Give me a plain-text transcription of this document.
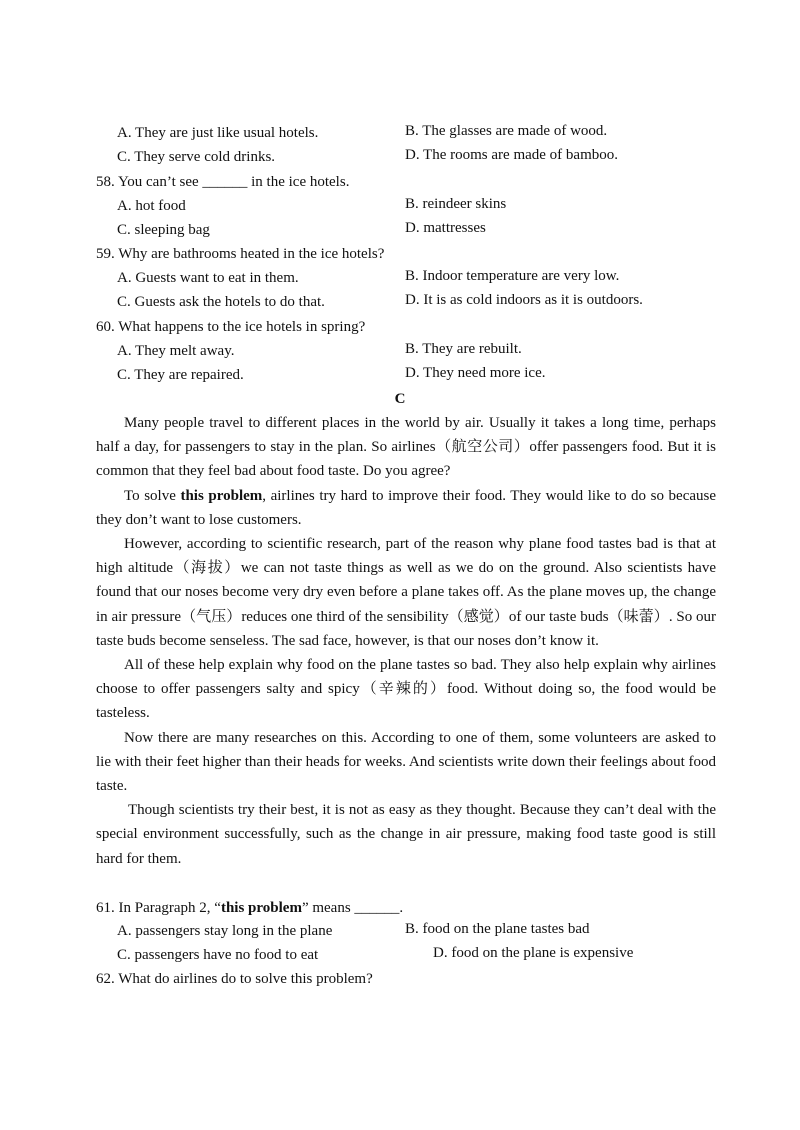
A. They are just like usual hotels.	B. The glasses are made of wood.
C. They serve cold drinks.	D. The rooms are made of bamboo.
58. You can’t see ______ in the ice hotels.
A. hot food	B. reindeer skins
C. sleeping bag	D. mattresses
59. Why are bathrooms heated in the ice hotels?
A. Guests want to eat in them.	B. Indoor temperature are very low.
C. Guests ask the hotels to do that.	D. It is as cold indoors as it is outdoors.
60. What happens to the ice hotels in spring?
A. They melt away.	B. They are rebuilt.
C. They are repaired.	D. They need more ice.
C

Many people travel to different places in the world by air. Usually it takes a long time, perhaps half a day, for passengers to stay in the plan. So airlines（航空公司）offer passengers food. But it is common that they feel bad about food taste. Do you agree?

To solve this problem, airlines try hard to improve their food. They would like to do so because they don’t want to lose customers.

However, according to scientific research, part of the reason why plane food tastes bad is that at high altitude（海拔）we can not taste things as well as we do on the ground. Also scientists have found that our noses become very dry even before a plane takes off. As the plane moves up, the change in air pressure（气压）reduces one third of the sensibility（感觉）of our taste buds（味蕾）. So our taste buds become senseless. The sad face, however, is that our noses don’t know it.

All of these help explain why food on the plane tastes so bad. They also help explain why airlines choose to offer passengers salty and spicy（辛辣的）food. Without doing so, the food would be tasteless.

Now there are many researches on this. According to one of them, some volunteers are asked to lie with their feet higher than their heads for weeks. And scientists write down their feelings about food taste.

Though scientists try their best, it is not as easy as they thought. Because they can’t deal with the special environment successfully, such as the change in air pressure, making food taste good is still hard for them.

61. In Paragraph 2, “this problem” means ______.
A. passengers stay long in the plane	B. food on the plane tastes bad
C. passengers have no food to eat	D. food on the plane is expensive
62. What do airlines do to solve this problem?
